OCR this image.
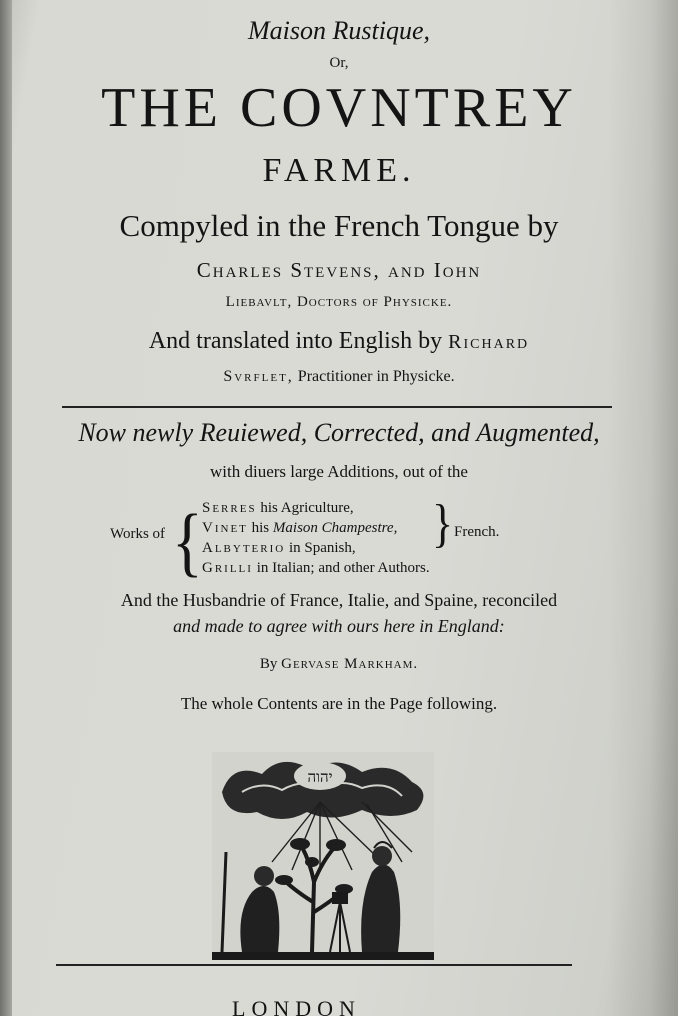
Maison Rustique,
Or,
THE COVNTREY
FARME.
Compyled in the French Tongue by
Charles Stevens, and Iohn
Liebavlt, Doctors of Physicke.
And translated into English by Richard
Svrflet, Practitioner in Physicke.
Now newly Reuiewed, Corrected, and Augmented,
with diuers large Additions, out of the
Works of { Serres his Agriculture,
Vinet his Maison Champestre,
Albyterio in Spanish,
Grilli in Italian; and other Authors.
} French.
And the Husbandrie of France, Italie, and Spaine, reconciled
and made to agree with ours here in England:
By Gervase Markham.
The whole Contents are in the Page following.
יהוה
LONDON
